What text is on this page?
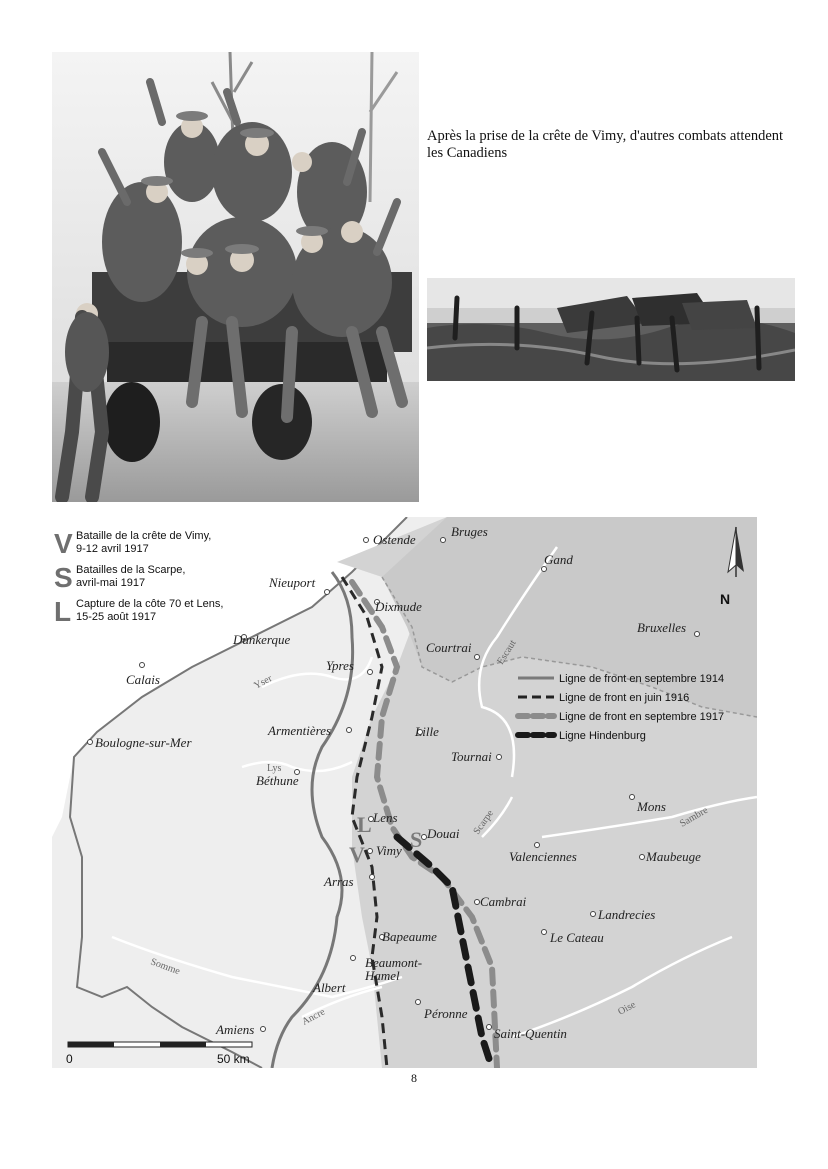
Après la prise de la crête de Vimy, d'autres combats attendent les Canadiens
Ostende
Bruges
Gand
Nieuport
Dixmude
Bruxelles
Dunkerque
Courtrai
Calais
Ypres
Armentières	Lille
Boulogne-sur-Mer
Tournai
Béthune
Lens
Douai
Mons
Vimy	Valenciennes	Maubeuge
Arras
Cambrai
Landrecies
Bapeaume	Le Cateau
Beaumont-
Hamel
Albert
Péronne
Amiens	Saint-Quentin
Escaut
Yser
Lys
Scarpe	Sambre
Somme
Ancre	Oise
L
V
S
V Bataille de la crête de Vimy,
9-12 avril 1917
S Batailles de la Scarpe,
avril-mai 1917
L Capture de la côte 70 et Lens,
15-25 août 1917
Ligne de front en septembre 1914
Ligne de front en juin 1916
Ligne de front en septembre 1917
Ligne Hindenburg
N
0	50 km
8
